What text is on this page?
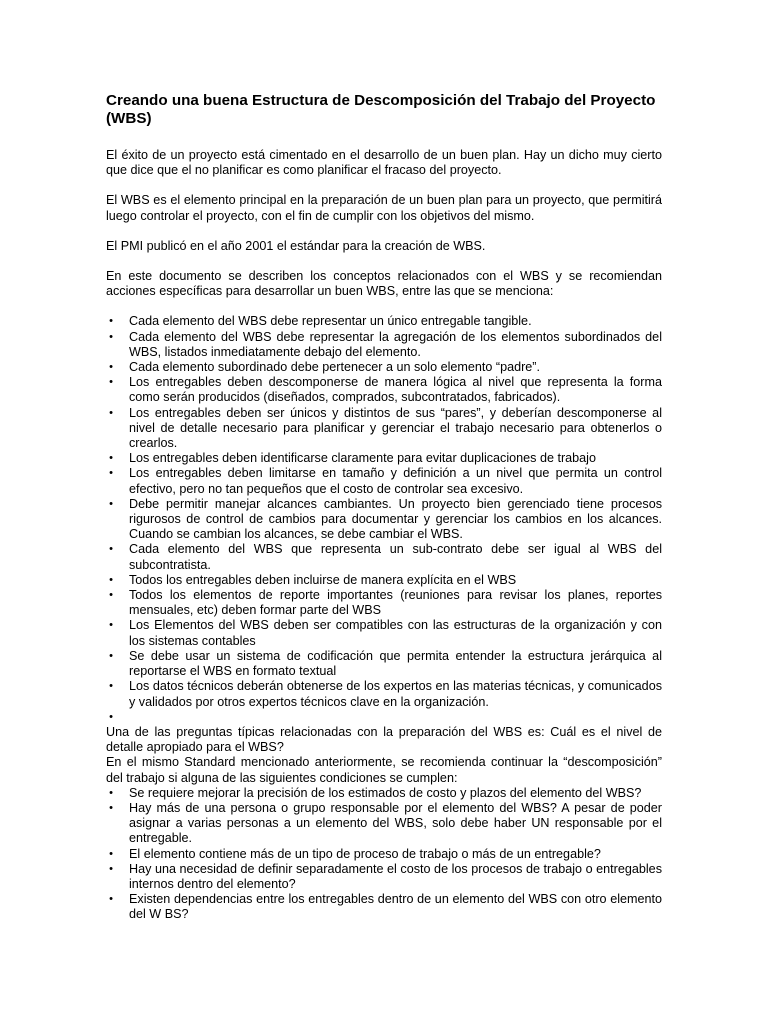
Creando una buena Estructura de Descomposición del Trabajo del Proyecto (WBS)

El éxito de un proyecto está cimentado en el desarrollo de un buen plan. Hay un dicho muy cierto que dice que el no planificar es como planificar el fracaso del proyecto.

El WBS es el elemento principal en la preparación de un buen plan para un proyecto, que permitirá luego controlar el proyecto, con el fin de cumplir con los objetivos del mismo.

El PMI publicó en el año 2001 el estándar para la creación de WBS.

En este documento se describen los conceptos relacionados con el WBS y se recomiendan acciones específicas para desarrollar un buen WBS, entre las que se menciona:

• Cada elemento del WBS debe representar un único entregable tangible.
• Cada elemento del WBS debe representar la agregación de los elementos subordinados del WBS, listados inmediatamente debajo del elemento.
• Cada elemento subordinado debe pertenecer a un solo elemento “padre”.
• Los entregables deben descomponerse de manera lógica al nivel que representa la forma como serán producidos (diseñados, comprados, subcontratados, fabricados).
• Los entregables deben ser únicos y distintos de sus “pares”, y deberían descomponerse al nivel de detalle necesario para planificar y gerenciar el trabajo necesario para obtenerlos o crearlos.
• Los entregables deben identificarse claramente para evitar duplicaciones de trabajo
• Los entregables deben limitarse en tamaño y definición a un nivel que permita un control efectivo, pero no tan pequeños que el costo de controlar sea excesivo.
• Debe permitir manejar alcances cambiantes. Un proyecto bien gerenciado tiene procesos rigurosos de control de cambios para documentar y gerenciar los cambios en los alcances. Cuando se cambian los alcances, se debe cambiar el WBS.
• Cada elemento del WBS que representa un sub-contrato debe ser igual al WBS del subcontratista.
• Todos los entregables deben incluirse de manera explícita en el WBS
• Todos los elementos de reporte importantes (reuniones para revisar los planes, reportes mensuales, etc) deben formar parte del WBS
• Los Elementos del WBS deben ser compatibles con las estructuras de la organización y con los sistemas contables
• Se debe usar un sistema de codificación que permita entender la estructura jerárquica al reportarse el WBS en formato textual
• Los datos técnicos deberán obtenerse de los expertos en las materias técnicas, y comunicados y validados por otros expertos técnicos clave en la organización.
•

Una de las preguntas típicas relacionadas con la preparación del WBS es: Cuál es el nivel de detalle apropiado para el WBS?

En el mismo Standard mencionado anteriormente, se recomienda continuar la “descomposición” del trabajo si alguna de las siguientes condiciones se cumplen:

• Se requiere mejorar la precisión de los estimados de costo y plazos del elemento del WBS?
• Hay más de una persona o grupo responsable por el elemento del WBS? A pesar de poder asignar a varias personas a un elemento del WBS, solo debe haber UN responsable por el entregable.
• El elemento contiene más de un tipo de proceso de trabajo o más de un entregable?
• Hay una necesidad de definir separadamente el costo de los procesos de trabajo o entregables internos dentro del elemento?
• Existen dependencias entre los entregables dentro de un elemento del WBS con otro elemento del W BS?
